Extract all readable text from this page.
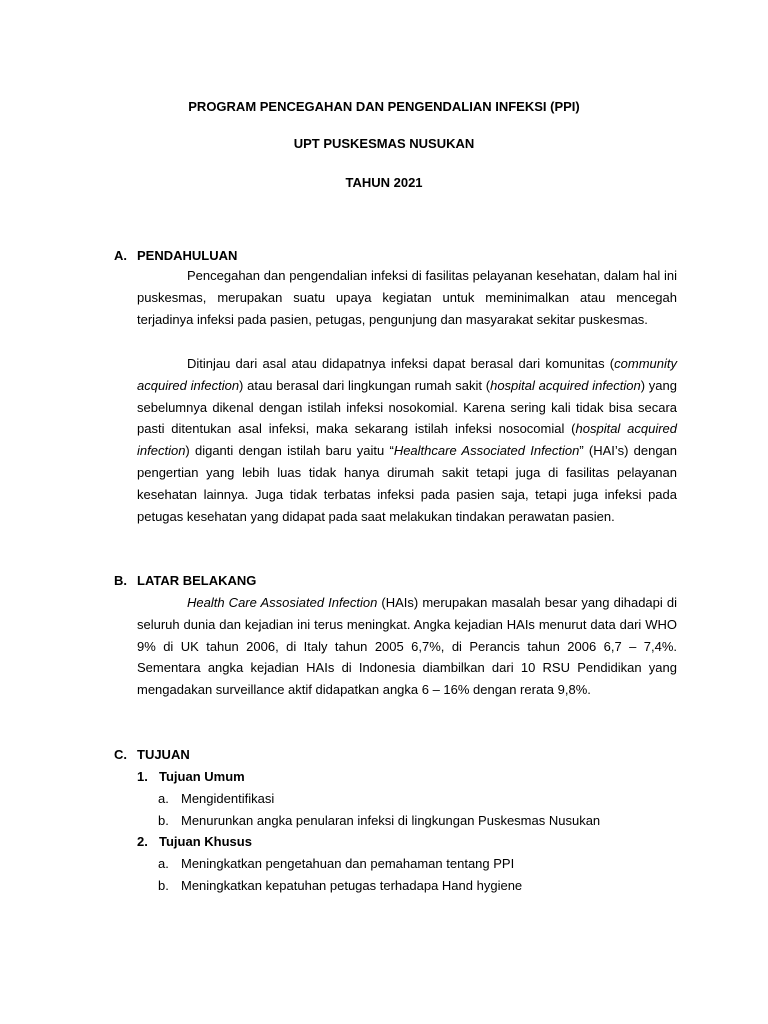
PROGRAM PENCEGAHAN DAN PENGENDALIAN INFEKSI (PPI)
UPT PUSKESMAS NUSUKAN
TAHUN 2021
A. PENDAHULUAN

Pencegahan dan pengendalian infeksi di fasilitas pelayanan kesehatan, dalam hal ini puskesmas, merupakan suatu upaya kegiatan untuk meminimalkan atau mencegah terjadinya infeksi pada pasien, petugas, pengunjung dan masyarakat sekitar puskesmas.

Ditinjau dari asal atau didapatnya infeksi dapat berasal dari komunitas (community acquired infection) atau berasal dari lingkungan rumah sakit (hospital acquired infection) yang sebelumnya dikenal dengan istilah infeksi nosokomial. Karena sering kali tidak bisa secara pasti ditentukan asal infeksi, maka sekarang istilah infeksi nosocomial (hospital acquired infection) diganti dengan istilah baru yaitu “Healthcare Associated Infection” (HAI’s) dengan pengertian yang lebih luas tidak hanya dirumah sakit tetapi juga di fasilitas pelayanan kesehatan lainnya. Juga tidak terbatas infeksi pada pasien saja, tetapi juga infeksi pada petugas kesehatan yang didapat pada saat melakukan tindakan perawatan pasien.

B. LATAR BELAKANG

Health Care Assosiated Infection (HAIs) merupakan masalah besar yang dihadapi di seluruh dunia dan kejadian ini terus meningkat. Angka kejadian HAIs menurut data dari WHO 9% di UK tahun 2006, di Italy tahun 2005 6,7%, di Perancis tahun 2006 6,7 – 7,4%. Sementara angka kejadian HAIs di Indonesia diambilkan dari 10 RSU Pendidikan yang mengadakan surveillance aktif didapatkan angka 6 – 16% dengan rerata 9,8%.

C. TUJUAN
1. Tujuan Umum
a. Mengidentifikasi
b. Menurunkan angka penularan infeksi di lingkungan Puskesmas Nusukan
2. Tujuan Khusus
a. Meningkatkan pengetahuan dan pemahaman tentang PPI
b. Meningkatkan kepatuhan petugas terhadapa Hand hygiene
